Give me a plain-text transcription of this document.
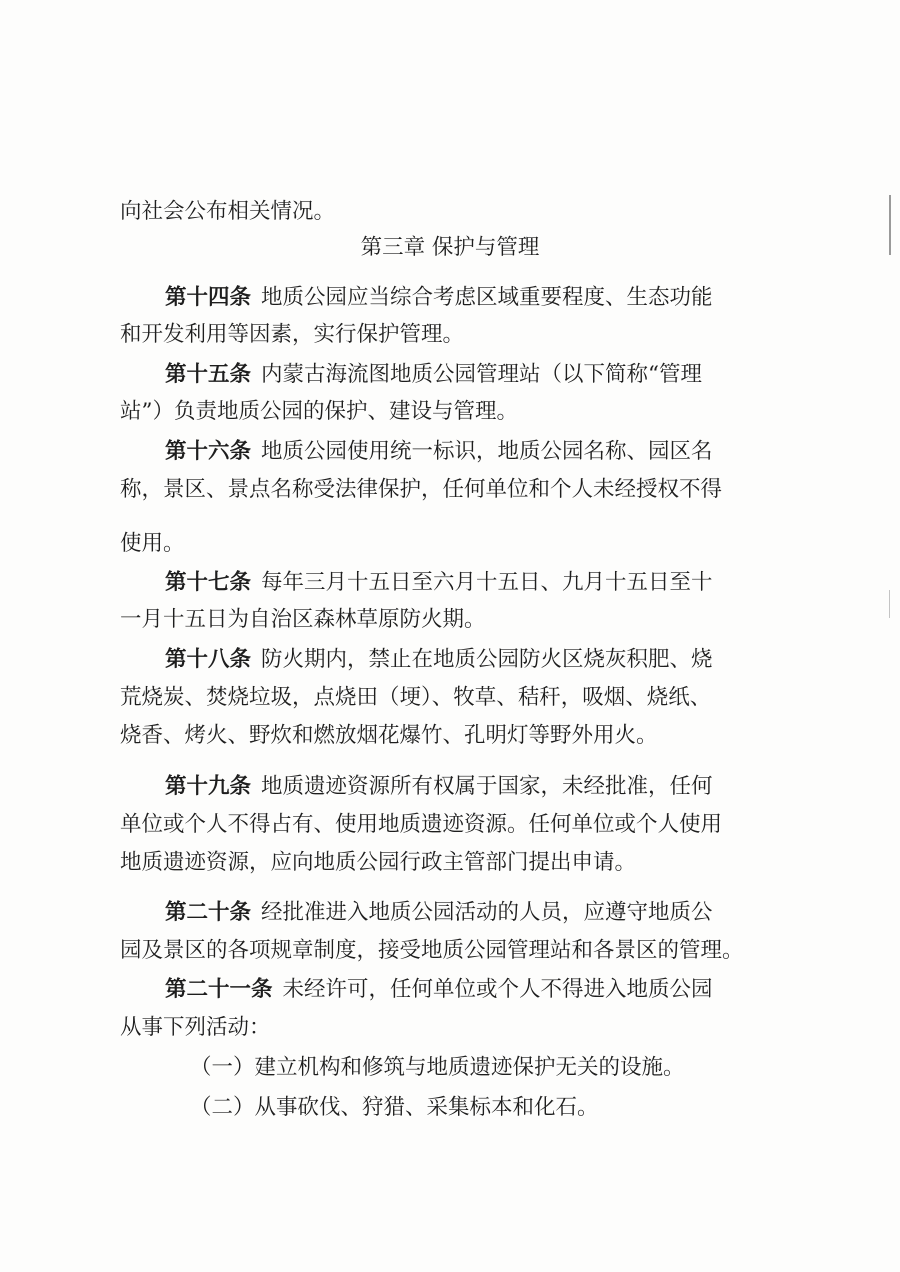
向社会公布相关情况。
第三章 保护与管理
第十四条 地质公园应当综合考虑区域重要程度、生态功能
和开发利用等因素，实行保护管理。
第十五条 内蒙古海流图地质公园管理站（以下简称“管理
站”）负责地质公园的保护、建设与管理。
第十六条 地质公园使用统一标识，地质公园名称、园区名
称，景区、景点名称受法律保护，任何单位和个人未经授权不得
使用。
第十七条 每年三月十五日至六月十五日、九月十五日至十
一月十五日为自治区森林草原防火期。
第十八条 防火期内，禁止在地质公园防火区烧灰积肥、烧
荒烧炭、焚烧垃圾，点烧田（埂）、牧草、秸秆，吸烟、烧纸、
烧香、烤火、野炊和燃放烟花爆竹、孔明灯等野外用火。
第十九条 地质遗迹资源所有权属于国家，未经批准，任何
单位或个人不得占有、使用地质遗迹资源。任何单位或个人使用
地质遗迹资源，应向地质公园行政主管部门提出申请。
第二十条 经批准进入地质公园活动的人员，应遵守地质公
园及景区的各项规章制度，接受地质公园管理站和各景区的管理。
第二十一条 未经许可，任何单位或个人不得进入地质公园
从事下列活动：
（一）建立机构和修筑与地质遗迹保护无关的设施。
（二）从事砍伐、狩猎、采集标本和化石。
